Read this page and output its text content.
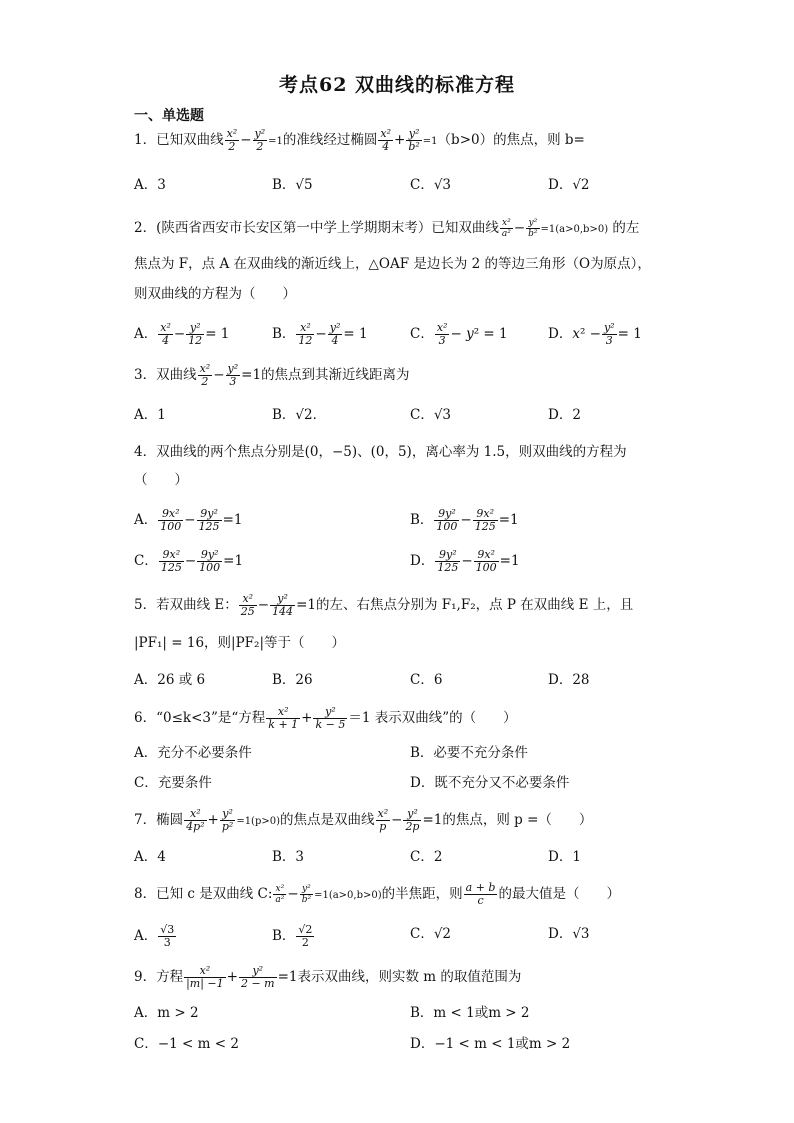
考点62 双曲线的标准方程
一、单选题
1．已知双曲线 $\frac{\text{x²}}{2} - \frac{\text{y²}}{2} =1$的准线经过椭圆 $\frac{\text{x²}}{4} + \frac{\text{y²}}{\text{b²}} =1(b>0)$的焦点，则 b=
A．3	B．√5	C．√3	D．√2
2．(陕西省西安市长安区第一中学上学期期末考）已知双曲线 $\frac{\text{x²}}{\text{a²}} - \frac{\text{y²}}{\text{b²}} =1(a>0,b>0)$ 的左
焦点为 F，点 A 在双曲线的渐近线上，△OAF 是边长为 2 的等边三角形（O为原点），
则双曲线的方程为（　　）
A． $\frac{\text{x²}}{4} - \frac{\text{y²}}{12} = 1$	B． $\frac{\text{x²}}{12} - \frac{\text{y²}}{4} = 1$	C． $\frac{\text{x²}}{3} - y^2 = 1$	D．$x^2 - \frac{\text{y²}}{3} = 1$
3．双曲线 $\frac{\text{x²}}{2} - \frac{\text{y²}}{3} =1$的焦点到其渐近线距离为
A．1	B．√2．	C．√3	D．2
4．双曲线的两个焦点分别是(0，−5)、(0，5)，离心率为 1.5，则双曲线的方程为
（　　）
A． $\frac{\text{9x²}}{100} - \frac{\text{9y²}}{125} =1$	B． $\frac{\text{9y²}}{100} - \frac{\text{9x²}}{125} =1$
C． $\frac{\text{9x²}}{125} - \frac{\text{9y²}}{100} =1$	D． $\frac{\text{9y²}}{125} - \frac{\text{9x²}}{100} =1$
5．若双曲线 E： $\frac{\text{x²}}{25} - \frac{\text{y²}}{144} =1$的左、右焦点分别为 F₁,F₂，点 P 在双曲线 E 上，且
|PF₁| = 16，则|PF₂|等于（　　）
A．26 或 6	B．26	C．6	D．28
6．“0≤k<3”是“方程 $\frac{\text{x²}}{k + 1} + \frac{\text{y²}}{k - 5} =1$ 表示双曲线”的（　　）
A．充分不必要条件	B．必要不充分条件
C．充要条件	D．既不充分又不必要条件
7．椭圆 $\frac{\text{x²}}{\text{4p²}} + \frac{\text{y²}}{\text{p²}} =1(p>0)$的焦点是双曲线 $\frac{\text{x²}}{p} - \frac{\text{y²}}{2p} =1$的焦点，则 p =（　　）
A．4	B．3	C．2	D．1
8．已知 c 是双曲线 C: $\frac{\text{x²}}{\text{a²}} - \frac{\text{y²}}{\text{b²}} =1(a>0,b>0)$的半焦距，则 $\frac{a + b}{c}$ 的最大值是（　　）
A． $\frac{√3}{3}$	B． $\frac{√2}{2}$	C．√2	D．√3
9．方程 $\frac{\text{x²}}{|m| -1} + \frac{\text{y²}}{2 - m} =1$表示双曲线，则实数 m 的取值范围为
A．m > 2	B．m < 1或m > 2
C．−1 < m < 2	D．−1 < m < 1或m > 2
